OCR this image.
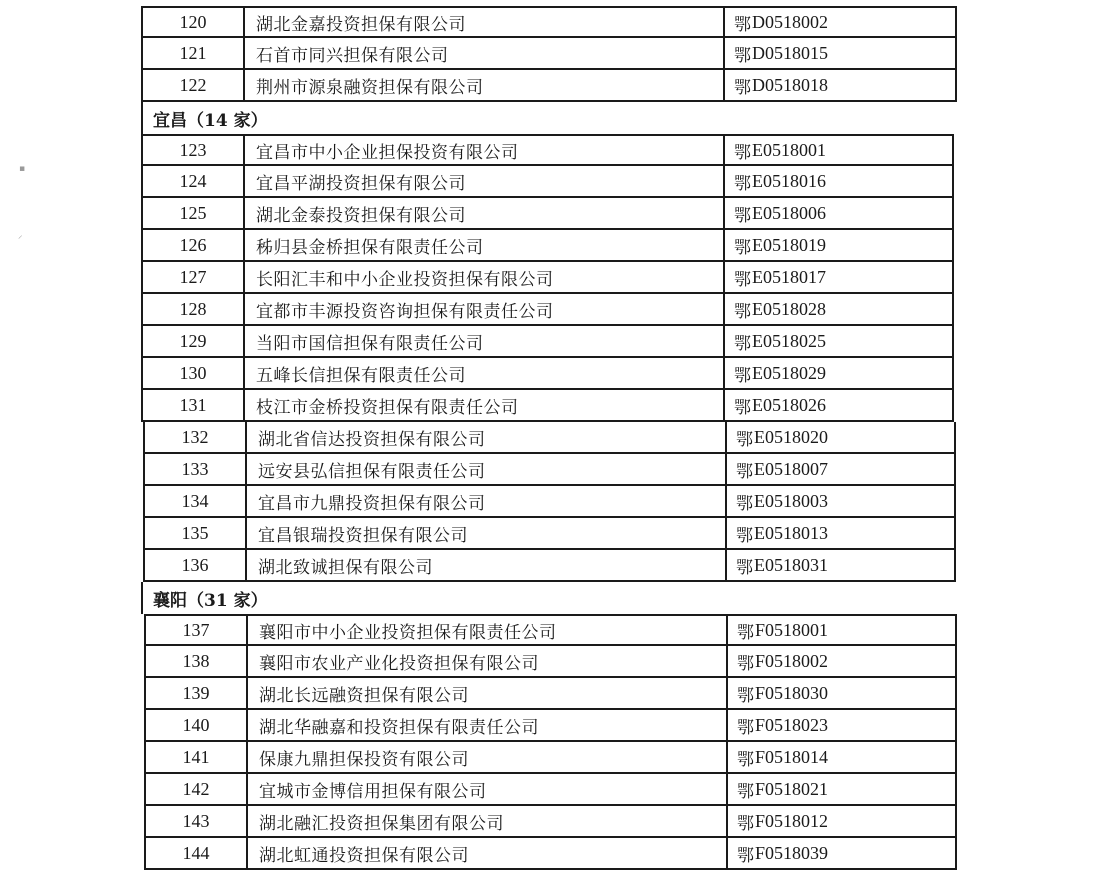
▪
⸝
120	湖北金嘉投资担保有限公司	鄂 D0518002
121	石首市同兴担保有限公司	鄂 D0518015
122	荆州市源泉融资担保有限公司	鄂 D0518018
宜昌（14 家）
123	宜昌市中小企业担保投资有限公司	鄂 E0518001
124	宜昌平湖投资担保有限公司	鄂 E0518016
125	湖北金泰投资担保有限公司	鄂 E0518006
126	秭归县金桥担保有限责任公司	鄂 E0518019
127	长阳汇丰和中小企业投资担保有限公司	鄂 E0518017
128	宜都市丰源投资咨询担保有限责任公司	鄂 E0518028
129	当阳市国信担保有限责任公司	鄂 E0518025
130	五峰长信担保有限责任公司	鄂 E0518029
131	枝江市金桥投资担保有限责任公司	鄂 E0518026
132	湖北省信达投资担保有限公司	鄂 E0518020
133	远安县弘信担保有限责任公司	鄂 E0518007
134	宜昌市九鼎投资担保有限公司	鄂 E0518003
135	宜昌银瑞投资担保有限公司	鄂 E0518013
136	湖北致诚担保有限公司	鄂 E0518031
襄阳（31 家）
137	襄阳市中小企业投资担保有限责任公司	鄂 F0518001
138	襄阳市农业产业化投资担保有限公司	鄂 F0518002
139	湖北长远融资担保有限公司	鄂 F0518030
140	湖北华融嘉和投资担保有限责任公司	鄂 F0518023
141	保康九鼎担保投资有限公司	鄂 F0518014
142	宜城市金博信用担保有限公司	鄂 F0518021
143	湖北融汇投资担保集团有限公司	鄂 F0518012
144	湖北虹通投资担保有限公司	鄂 F0518039
